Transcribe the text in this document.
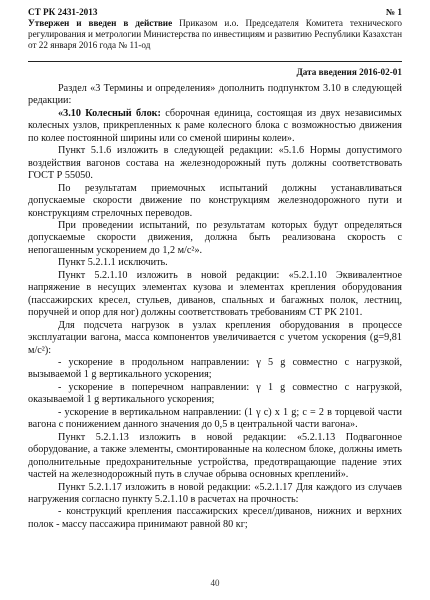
СТ РК 2431-2013	№ 1
Утвержен и введен в действие Приказом и.о. Председателя Комитета технического регулирования и метрологии Министерства по инвестициям и развитию Республики Казахстан от 22 января 2016 года № 11-од
Дата введения 2016-02-01

Раздел «3 Термины и определения» дополнить подпунктом 3.10 в следующей редакции:

«3.10 Колесный блок: сборочная единица, состоящая из двух независимых колесных узлов, прикрепленных к раме колесного блока с возможностью движения по колее постоянной ширины или со сменой ширины колеи».

Пункт 5.1.6 изложить в следующей редакции: «5.1.6 Нормы допустимого воздействия вагонов состава на железнодорожный путь должны соответствовать ГОСТ Р 55050.

По результатам приемочных испытаний должны устанавливаться допускаемые скорости движение по конструкциям железнодорожного пути и конструкциям стрелочных переводов.

При проведении испытаний, по результатам которых будут определяться допускаемые скорости движения, должна быть реализована скорость с непогашенным ускорением до 1,2 м/с²».

Пункт 5.2.1.1 исключить.

Пункт 5.2.1.10 изложить в новой редакции: «5.2.1.10 Эквивалентное напряжение в несущих элементах кузова и элементах крепления оборудования (пассажирских кресел, стульев, диванов, спальных и багажных полок, лестниц, поручней и опор для ног) должны соответствовать требованиям СТ РК 2101.

Для подсчета нагрузок в узлах крепления оборудования в процессе эксплуатации вагона, масса компонентов увеличивается с учетом ускорения (g=9,81 м/с²):

- ускорение в продольном направлении: γ 5 g совместно с нагрузкой, вызываемой 1 g вертикального ускорения;

- ускорение в поперечном направлении: γ 1 g совместно с нагрузкой, оказываемой 1 g вертикального ускорения;

- ускорение в вертикальном направлении: (1 γ с) x 1 g; с = 2 в торцевой части вагона с понижением данного значения до 0,5 в центральной части вагона».

Пункт 5.2.1.13 изложить в новой редакции: «5.2.1.13 Подвагонное оборудование, а также элементы, смонтированные на колесном блоке, должны иметь дополнительные предохранительные устройства, предотвращающие падение этих частей на железнодорожный путь в случае обрыва основных креплений».

Пункт 5.2.1.17 изложить в новой редакции: «5.2.1.17 Для каждого из случаев нагружения согласно пункту 5.2.1.10 в расчетах на прочность:

- конструкций крепления пассажирских кресел/диванов, нижних и верхних полок - массу пассажира принимают равной 80 кг;

40
